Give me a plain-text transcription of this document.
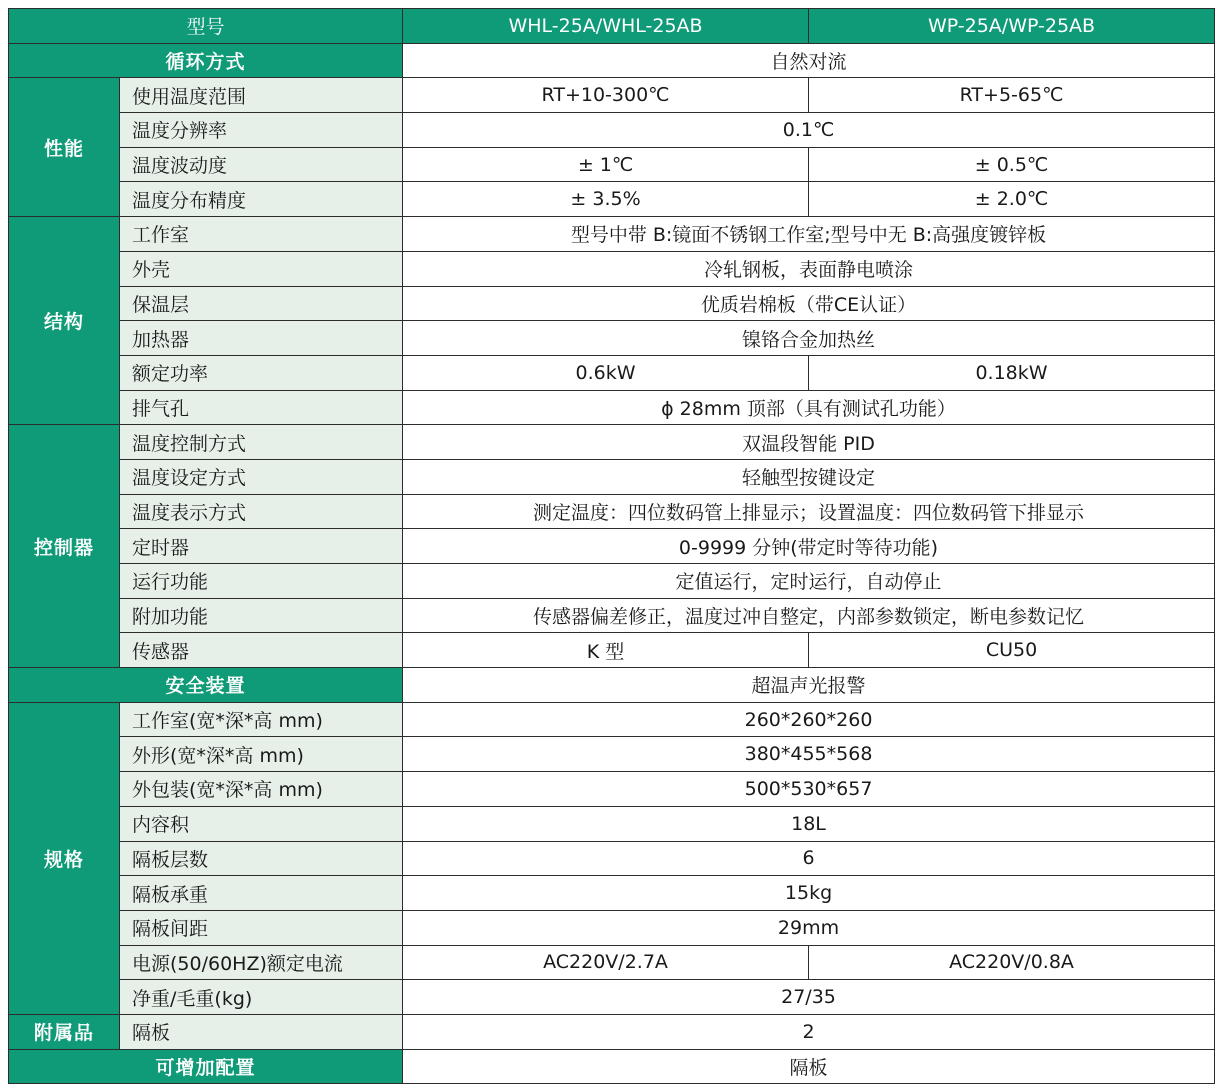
型号		WHL-25A/WHL-25AB	WP-25A/WP-25AB
循环方式		自然对流	
性能	使用温度范围	RT+10-300℃	RT+5-65℃
	温度分辨率	0.1℃	
	温度波动度	± 1℃	± 0.5℃
	温度分布精度	± 3.5%	± 2.0℃
结构	工作室	型号中带 B:镜面不锈钢工作室;型号中无 B:高强度镀锌板	
	外壳	冷轧钢板，表面静电喷涂	
	保温层	优质岩棉板（带CE认证）	
	加热器	镍铬合金加热丝	
	额定功率	0.6kW	0.18kW
	排气孔	ϕ 28mm 顶部（具有测试孔功能）	
控制器	温度控制方式	双温段智能 PID	
	温度设定方式	轻触型按键设定	
	温度表示方式	测定温度：四位数码管上排显示；设置温度：四位数码管下排显示	
	定时器	0-9999 分钟(带定时等待功能)	
	运行功能	定值运行，定时运行，自动停止	
	附加功能	传感器偏差修正，温度过冲自整定，内部参数锁定，断电参数记忆	
	传感器	K 型	CU50
安全装置		超温声光报警	
规格	工作室(宽*深*高 mm)	260*260*260	
	外形(宽*深*高 mm)	380*455*568	
	外包装(宽*深*高 mm)	500*530*657	
	内容积	18L	
	隔板层数	6	
	隔板承重	15kg	
	隔板间距	29mm	
	电源(50/60HZ)额定电流	AC220V/2.7A	AC220V/0.8A
	净重/毛重(kg)	27/35	
附属品	隔板	2	
可增加配置		隔板	
